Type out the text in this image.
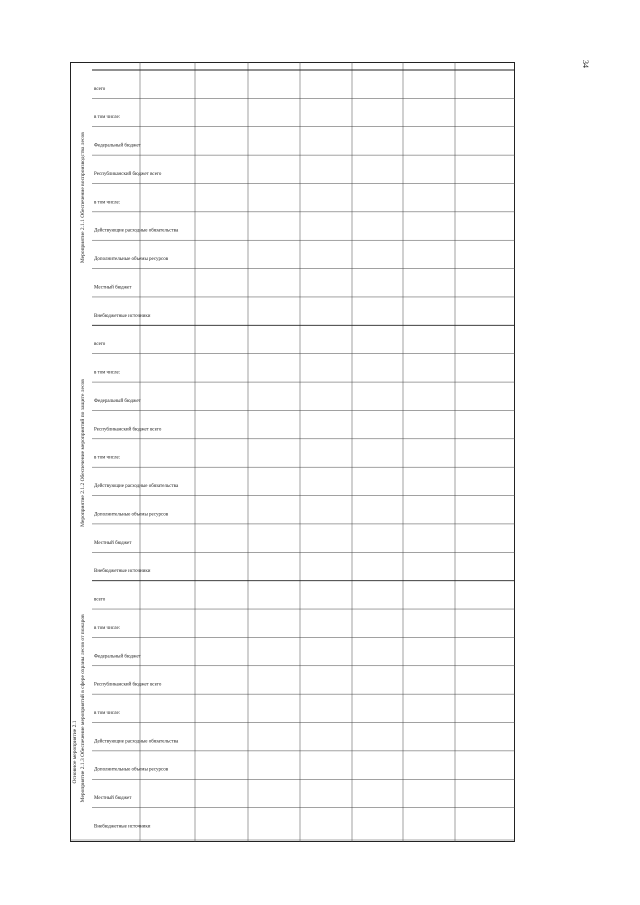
34
Основное мероприятие 2.1
Мероприятие 2.1.1 Обеспечение воспроизводства лесов
Мероприятие 2.1.2 Обеспечение мероприятий по защите лесов
Мероприятие 2.1.3 Обеспечение мероприятий в сфере охраны лесов от пожаров
всего
в том числе:
Федеральный бюджет
Республиканский бюджет всего
в том числе:
Действующие расходные обязательства
Дополнительные объемы ресурсов
Местный бюджет
Внебюджетные источники
всего
в том числе:
Федеральный бюджет
Республиканский бюджет всего
в том числе:
Действующие расходные обязательства
Дополнительные объемы ресурсов
Местный бюджет
Внебюджетные источники
всего
в том числе:
Федеральный бюджет
Республиканский бюджет всего
в том числе:
Действующие расходные обязательства
Дополнительные объемы ресурсов
Местный бюджет
Внебюджетные источники
